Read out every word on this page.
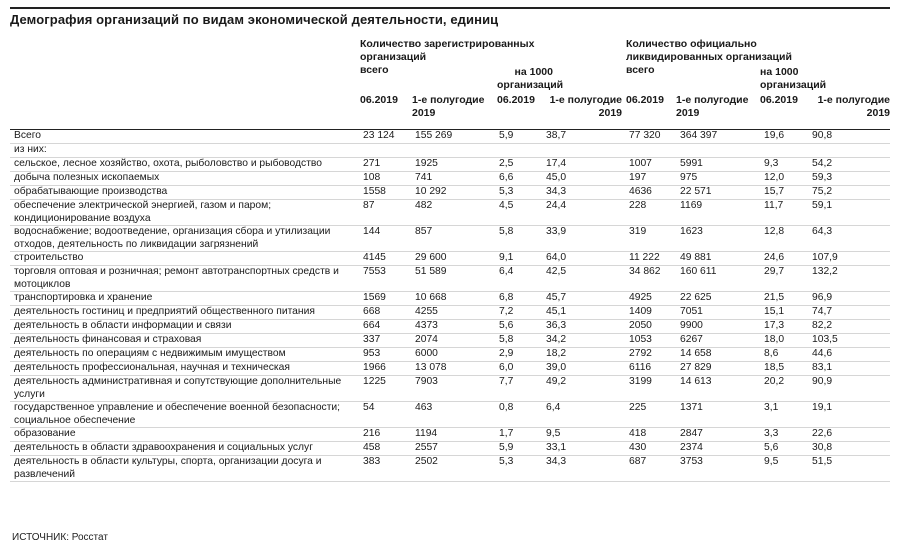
Демография организаций по видам экономической деятельности, единиц
Количество зарегистрированных организаций
Количество официально ликвидированных организаций
всего	на 1000 организаций
06.2019 1-е полугодие 2019
06.2019	1-е полугодие 2019
всего	на 1000 организаций
06.2019 1-е полугодие 2019
06.2019	1-е полугодие 2019
Всего	23 124	155 269	5,9	38,7	77 320	364 397	19,6	90,8
из них:								
сельское, лесное хозяйство, охота, рыболовство и рыбоводство	271	1925	2,5	17,4	1007	5991	9,3	54,2
добыча полезных ископаемых	108	741	6,6	45,0	197	975	12,0	59,3
обрабатывающие производства	1558	10 292	5,3	34,3	4636	22 571	15,7	75,2
обеспечение электрической энергией, газом и паром; кондиционирование воздуха	87	482	4,5	24,4	228	1169	11,7	59,1
водоснабжение; водоотведение, организация сбора и утилизации отходов, деятельность по ликвидации загрязнений	144	857	5,8	33,9	319	1623	12,8	64,3
строительство	4145	29 600	9,1	64,0	11 222	49 881	24,6	107,9
торговля оптовая и розничная; ремонт автотранспортных средств и мотоциклов	7553	51 589	6,4	42,5	34 862	160 611	29,7	132,2
транспортировка и хранение	1569	10 668	6,8	45,7	4925	22 625	21,5	96,9
деятельность гостиниц и предприятий общественного питания	668	4255	7,2	45,1	1409	7051	15,1	74,7
деятельность в области информации и связи	664	4373	5,6	36,3	2050	9900	17,3	82,2
деятельность финансовая и страховая	337	2074	5,8	34,2	1053	6267	18,0	103,5
деятельность по операциям с недвижимым имуществом	953	6000	2,9	18,2	2792	14 658	8,6	44,6
деятельность профессиональная, научная и техническая	1966	13 078	6,0	39,0	6116	27 829	18,5	83,1
деятельность административная и сопутствующие дополнительные услуги	1225	7903	7,7	49,2	3199	14 613	20,2	90,9
государственное управление и обеспечение военной безопасности; социальное обеспечение	54	463	0,8	6,4	225	1371	3,1	19,1
образование	216	1194	1,7	9,5	418	2847	3,3	22,6
деятельность в области здравоохранения и социальных услуг	458	2557	5,9	33,1	430	2374	5,6	30,8
деятельность в области культуры, спорта, организации досуга и развлечений	383	2502	5,3	34,3	687	3753	9,5	51,5
ИСТОЧНИК: Росстат
